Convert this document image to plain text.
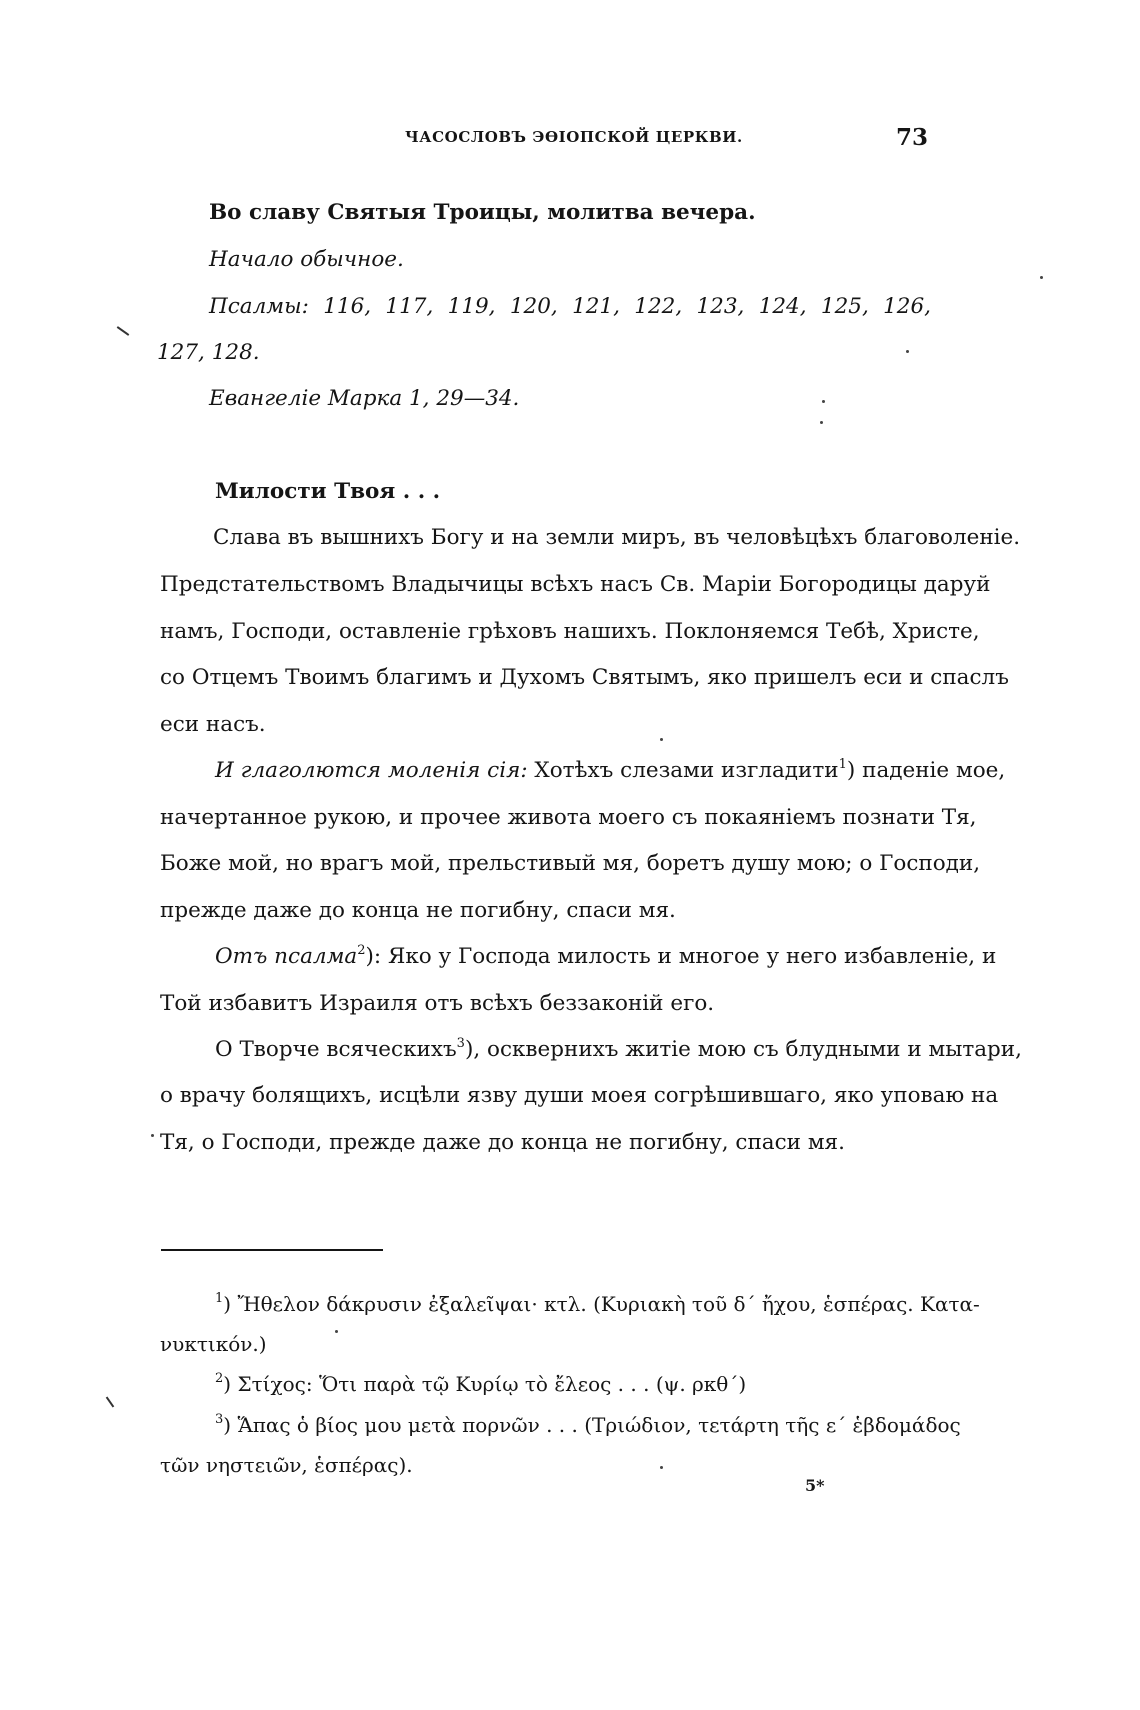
ЧАСОСЛОВЪ ЭѲІОПСКОЙ ЦЕРКВИ.	73
Во славу Святыя Троицы, молитва вечера.
Начало обычное.
Псалмы: 116, 117, 119, 120, 121, 122, 123, 124, 125, 126,
127, 128.
Евангеліе Марка 1, 29—34.
Милости Твоя . . .
Слава въ вышнихъ Богу и на земли миръ, въ человѣцѣхъ благоволеніе.
Предстательствомъ Владычицы всѣхъ насъ Св. Маріи Богородицы даруй
намъ, Господи, оставленіе грѣховъ нашихъ. Поклоняемся Тебѣ, Христе,
со Отцемъ Твоимъ благимъ и Духомъ Святымъ, яко пришелъ еси и спаслъ
еси насъ.
И глаголются моленія сія: Хотѣхъ слезами изгладити$^1$) паденіе мое,
начертанное рукою, и прочее живота моего съ покаяніемъ познати Тя,
Боже мой, но врагъ мой, прельстивый мя, боретъ душу мою; о Господи,
прежде даже до конца не погибну, спаси мя.
Отъ псалма$^2$): Яко у Господа милость и многое у него избавленіе, и
Той избавитъ Израиля отъ всѣхъ беззаконій его.
О Творче всяческихъ$^3$), осквернихъ житіе мою съ блудными и мытари,
о врачу болящихъ, исцѣли язву души моея согрѣшившаго, яко уповаю на
Тя, о Господи, прежде даже до конца не погибну, спаси мя.
$^1$) Ἤθελον δάκρυσιν ἐξαλεῖψαι· κτλ. (Κυριακὴ τοῦ δ΄ ἤχου, ἑσπέρας. Κατα-
νυκτικόν.)
$^2$) Στίχος: Ὅτι παρὰ τῷ Κυρίῳ τὸ ἔλεος . . . (ψ. ρκθ΄)
$^3$) Ἅπας ὁ βίος μου μετὰ πορνῶν . . . (Τριώδιον, τετάρτη τῆς ε΄ ἑβδομάδος
τῶν νηστειῶν, ἑσπέρας).
5*
